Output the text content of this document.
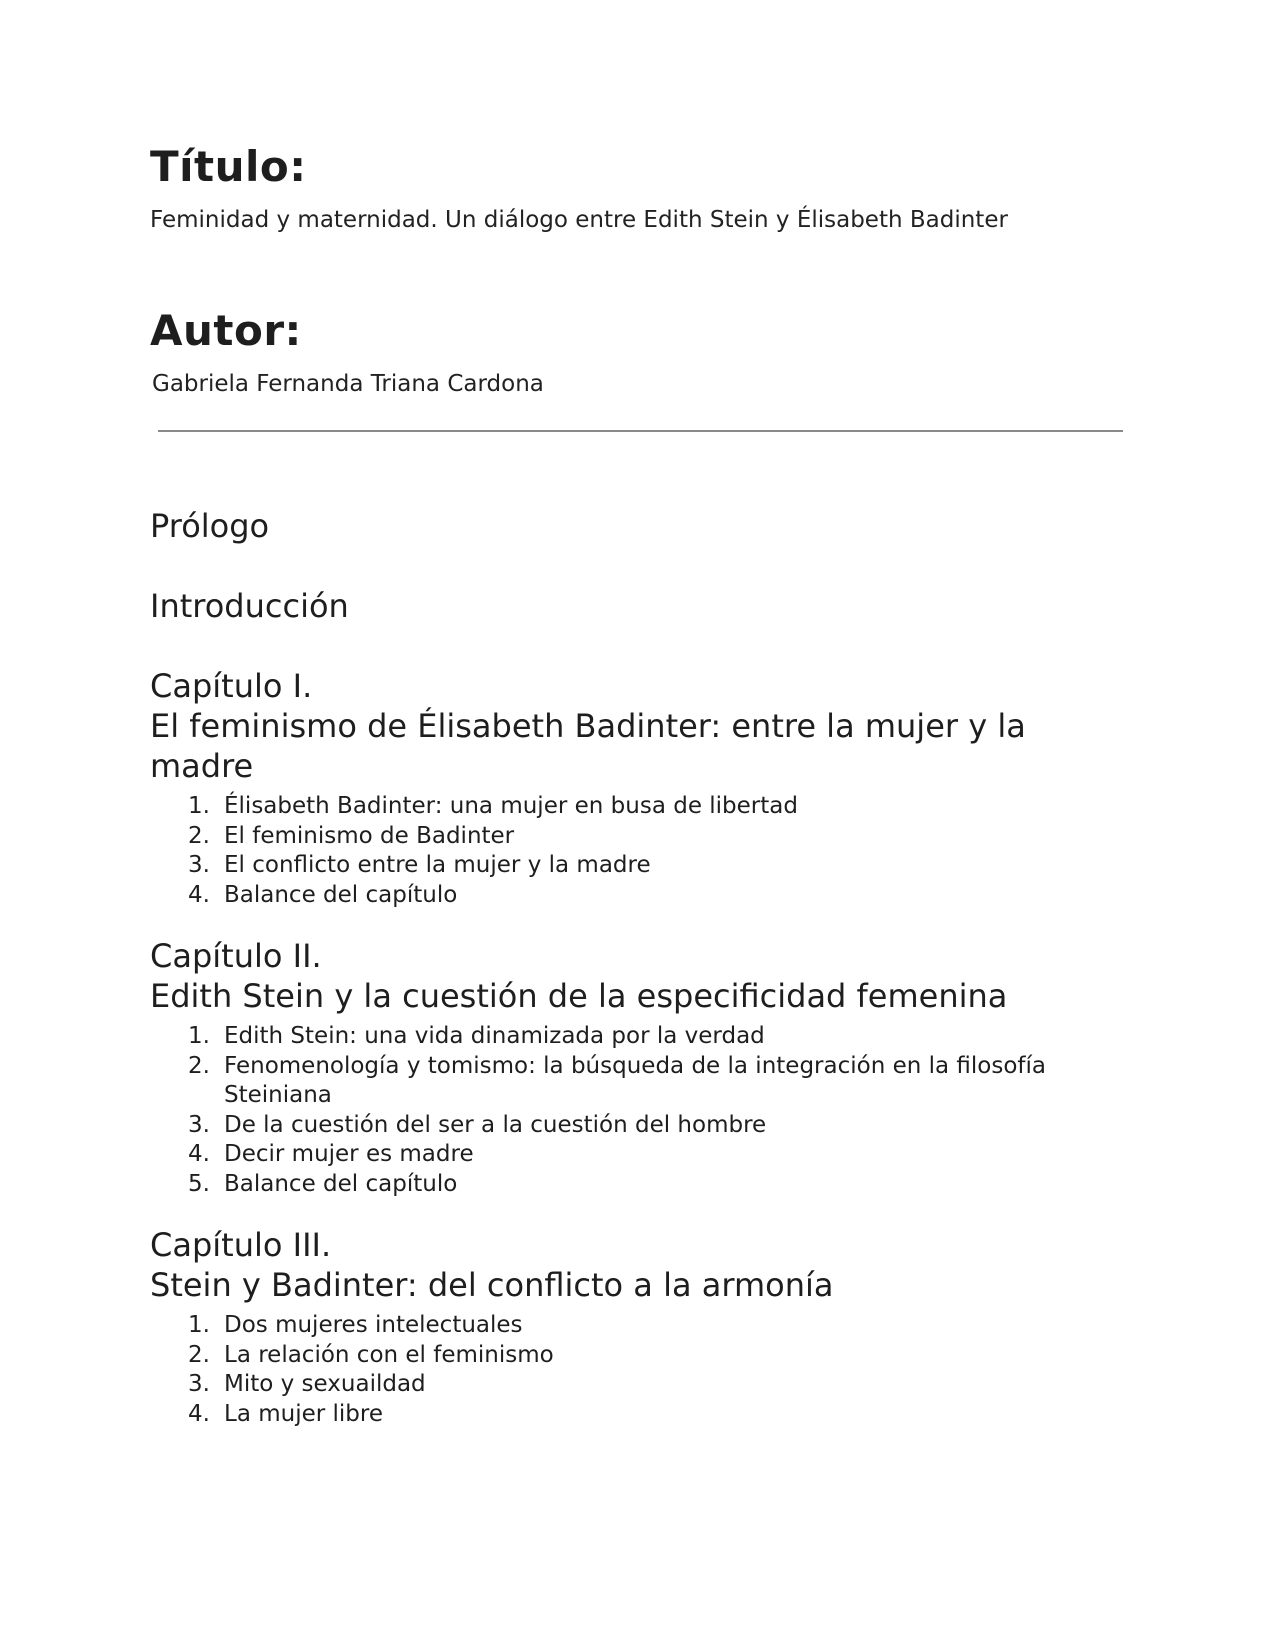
Título:

Feminidad y maternidad. Un diálogo entre Edith Stein y Élisabeth Badinter

Autor:

Gabriela Fernanda Triana Cardona

Prólogo

Introducción

Capítulo I.

El feminismo de Élisabeth Badinter: entre la mujer y la madre

1. Élisabeth Badinter: una mujer en busa de libertad
2. El feminismo de Badinter
3. El conflicto entre la mujer y la madre
4. Balance del capítulo

Capítulo II.

Edith Stein y la cuestión de la especificidad femenina

1. Edith Stein: una vida dinamizada por la verdad
2. Fenomenología y tomismo: la búsqueda de la integración en la filosofía Steiniana
3. De la cuestión del ser a la cuestión del hombre
4. Decir mujer es madre
5. Balance del capítulo

Capítulo III.

Stein y Badinter: del conflicto a la armonía

1. Dos mujeres intelectuales
2. La relación con el feminismo
3. Mito y sexuaildad
4. La mujer libre
